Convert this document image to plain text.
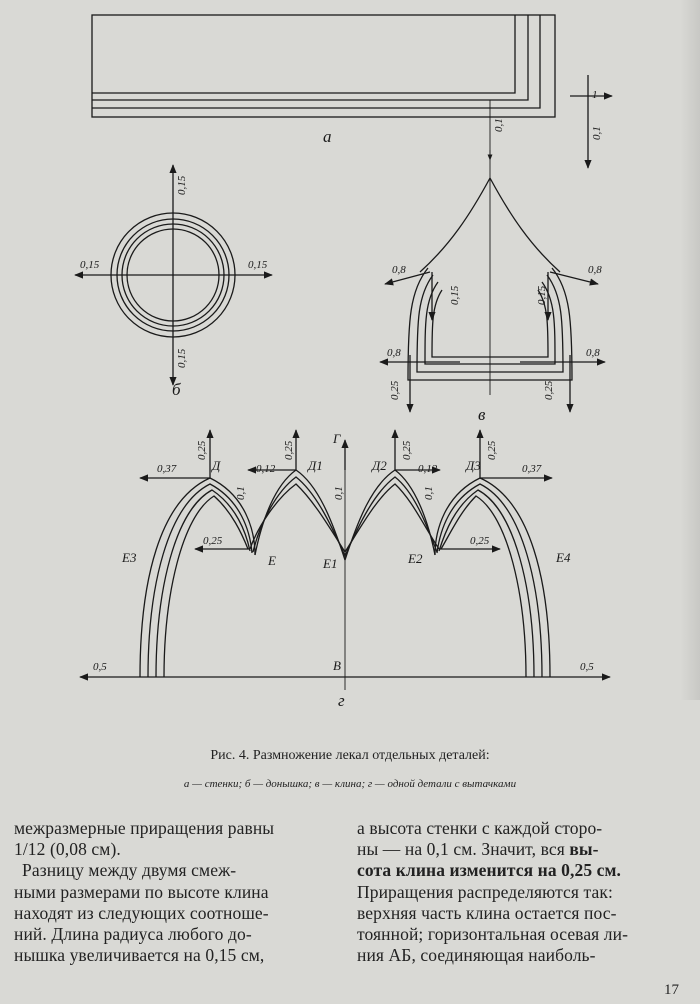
а	0,1
1
б
0,15
0,15
0,15	0,15
в
0,1
0,8	0,8
0,15	0,15
0,8	0,8
0,25	0,25
г
Г
В
Д	Д1	Д2	Д3
Е	Е1	Е2
Е3	Е4
0,37
0,25
0,12
0,25
0,12
0,25
0,37
0,25
0,1	0,1	0,1
0,25	0,25
0,5	0,5
Рис. 4. Размножение лекал отдельных деталей:
а — стенки; б — донышка; в — клина; г — одной детали с вытачками
межразмерные приращения равны
1/12 (0,08 см).
Разницу между двумя смеж-
ными размерами по высоте клина
находят из следующих соотноше-
ний. Длина радиуса любого до-
нышка увеличивается на 0,15 см,
а высота стенки с каждой сторо-
ны — на 0,1 см. Значит, вся вы-
сота клина изменится на 0,25 см.
Приращения распределяются так:
верхняя часть клина остается пос-
тоянной; горизонтальная осевая ли-
ния АБ, соединяющая наиболь-
17
